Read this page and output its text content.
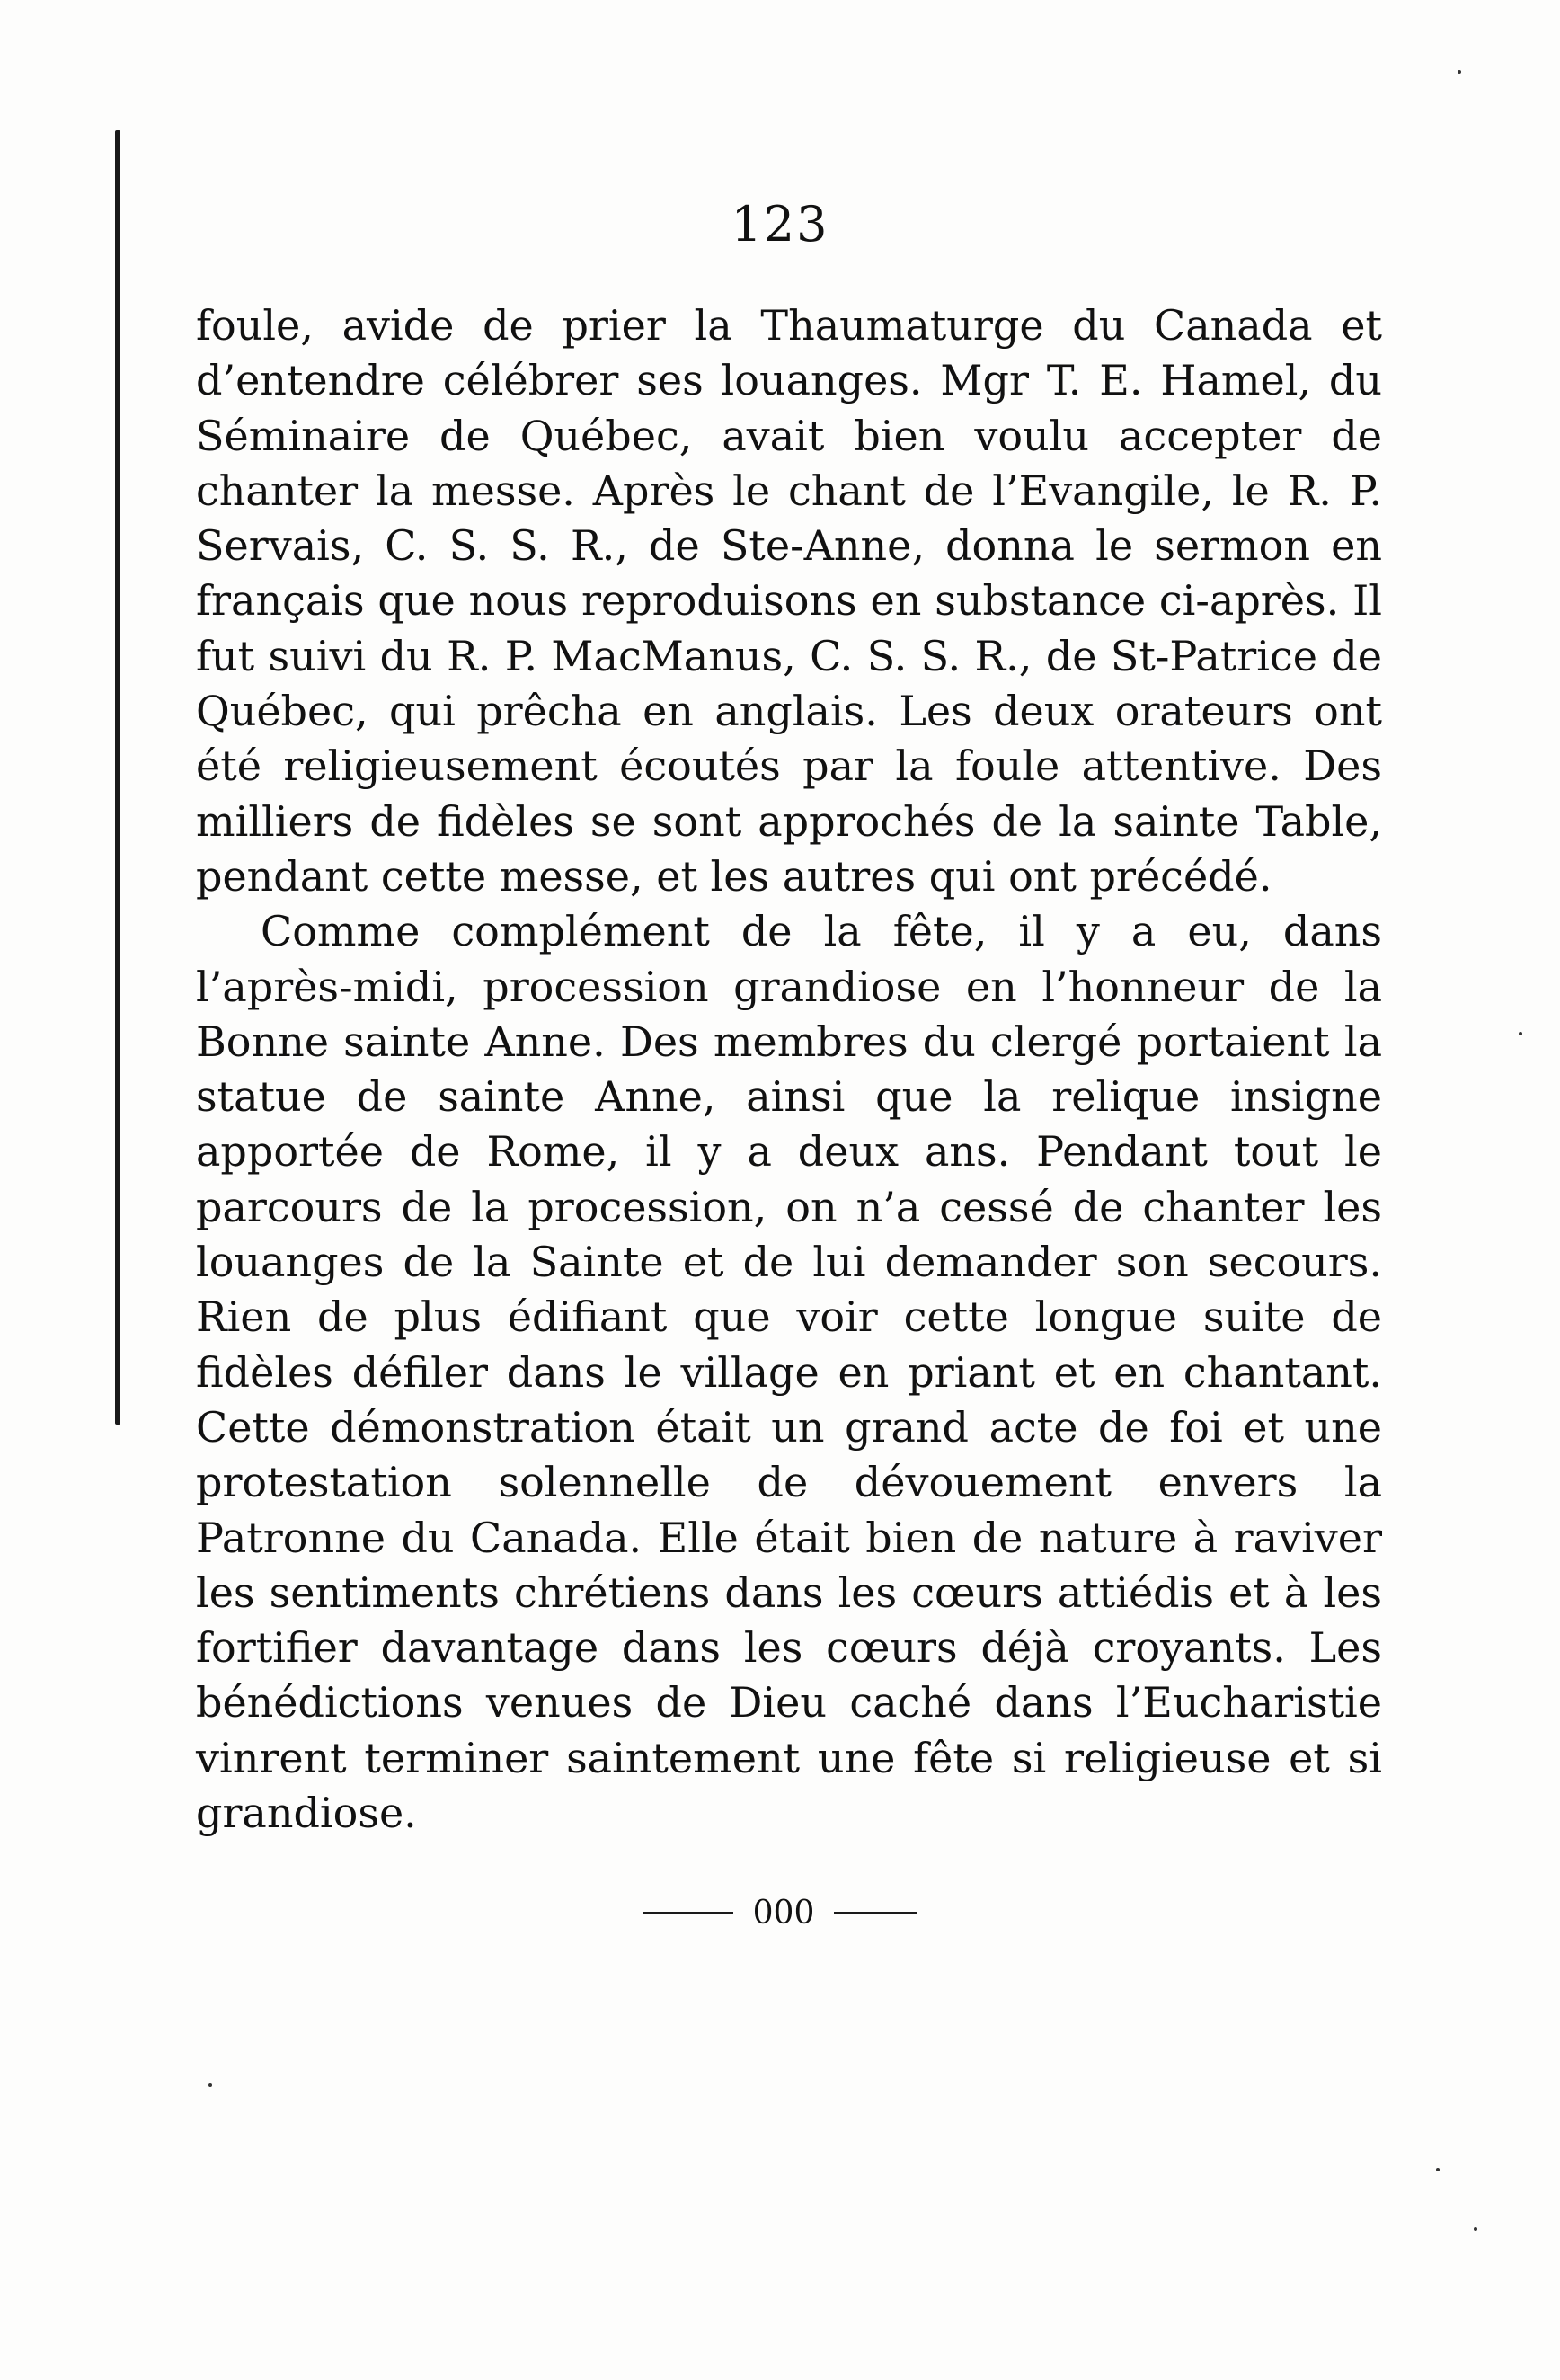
123

foule, avide de prier la Thaumaturge du Canada et d’entendre célébrer ses louanges. Mgr T. E. Hamel, du Séminaire de Québec, avait bien voulu accepter de chanter la messe. Après le chant de l’Evangile, le R. P. Servais, C. S. S. R., de Ste-Anne, donna le sermon en français que nous reproduisons en substance ci-après. Il fut suivi du R. P. MacManus, C. S. S. R., de St-Patrice de Québec, qui prêcha en anglais. Les deux orateurs ont été religieusement écoutés par la foule attentive. Des milliers de fidèles se sont approchés de la sainte Table, pendant cette messe, et les autres qui ont précédé.

Comme complément de la fête, il y a eu, dans l’après-midi, procession grandiose en l’honneur de la Bonne sainte Anne. Des membres du clergé portaient la statue de sainte Anne, ainsi que la relique insigne apportée de Rome, il y a deux ans. Pendant tout le parcours de la procession, on n’a cessé de chanter les louanges de la Sainte et de lui demander son secours. Rien de plus édifiant que voir cette longue suite de fidèles défiler dans le village en priant et en chantant. Cette démonstration était un grand acte de foi et une protestation solennelle de dévouement envers la Patronne du Canada. Elle était bien de nature à raviver les sentiments chrétiens dans les cœurs attiédis et à les fortifier davantage dans les cœurs déjà croyants. Les bénédictions venues de Dieu caché dans l’Eucharistie vinrent terminer saintement une fête si religieuse et si grandiose.

000
